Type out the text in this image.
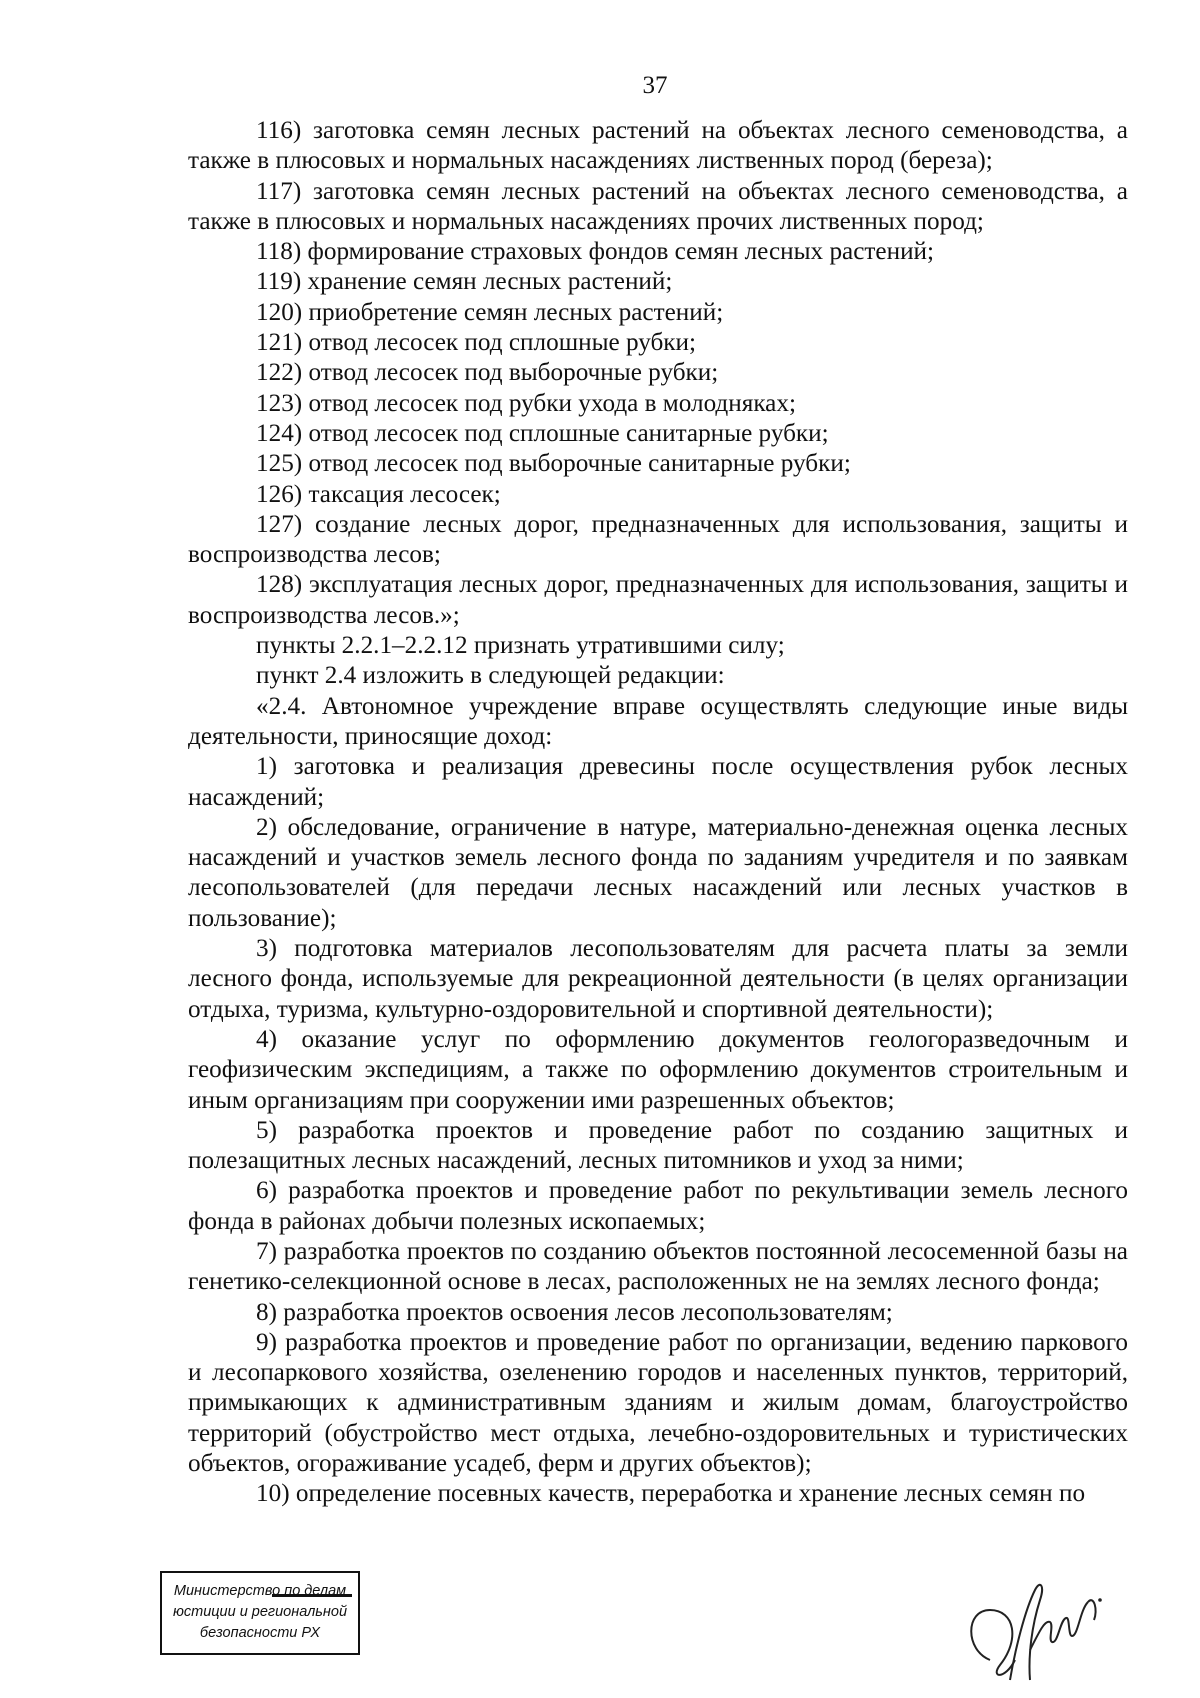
37

116) заготовка семян лесных растений на объектах лесного семеноводства, а также в плюсовых и нормальных насаждениях лиственных пород (береза);

117) заготовка семян лесных растений на объектах лесного семеноводства, а также в плюсовых и нормальных насаждениях прочих лиственных пород;

118) формирование страховых фондов семян лесных растений;

119) хранение семян лесных растений;

120) приобретение семян лесных растений;

121) отвод лесосек под сплошные рубки;

122) отвод лесосек под выборочные рубки;

123) отвод лесосек под рубки ухода в молодняках;

124) отвод лесосек под сплошные санитарные рубки;

125) отвод лесосек под выборочные санитарные рубки;

126) таксация лесосек;

127) создание лесных дорог, предназначенных для использования, защиты и воспроизводства лесов;

128) эксплуатация лесных дорог, предназначенных для использования, защиты и воспроизводства лесов.»;

пункты 2.2.1–2.2.12 признать утратившими силу;

пункт 2.4 изложить в следующей редакции:

«2.4. Автономное учреждение вправе осуществлять следующие иные виды деятельности, приносящие доход:

1) заготовка и реализация древесины после осуществления рубок лесных насаждений;

2) обследование, ограничение в натуре, материально-денежная оценка лесных насаждений и участков земель лесного фонда по заданиям учредителя и по заявкам лесопользователей (для передачи лесных насаждений или лесных участков в пользование);

3) подготовка материалов лесопользователям для расчета платы за земли лесного фонда, используемые для рекреационной деятельности (в целях организации отдыха, туризма, культурно-оздоровительной и спортивной деятельности);

4) оказание услуг по оформлению документов геологоразведочным и геофизическим экспедициям, а также по оформлению документов строительным и иным организациям при сооружении ими разрешенных объектов;

5) разработка проектов и проведение работ по созданию защитных и полезащитных лесных насаждений, лесных питомников и уход за ними;

6) разработка проектов и проведение работ по рекультивации земель лесного фонда в районах добычи полезных ископаемых;

7) разработка проектов по созданию объектов постоянной лесосеменной базы на генетико-селекционной основе в лесах, расположенных не на землях лесного фонда;

8) разработка проектов освоения лесов лесопользователям;

9) разработка проектов и проведение работ по организации, ведению паркового и лесопаркового хозяйства, озеленению городов и населенных пунктов, территорий, примыкающих к административным зданиям и жилым домам, благоустройство территорий (обустройство мест отдыха, лечебно-оздоровительных и туристических объектов, огораживание усадеб, ферм и других объектов);

10) определение посевных качеств, переработка и хранение лесных семян по

Министерство по делам
юстиции и региональной
безопасности РХ
